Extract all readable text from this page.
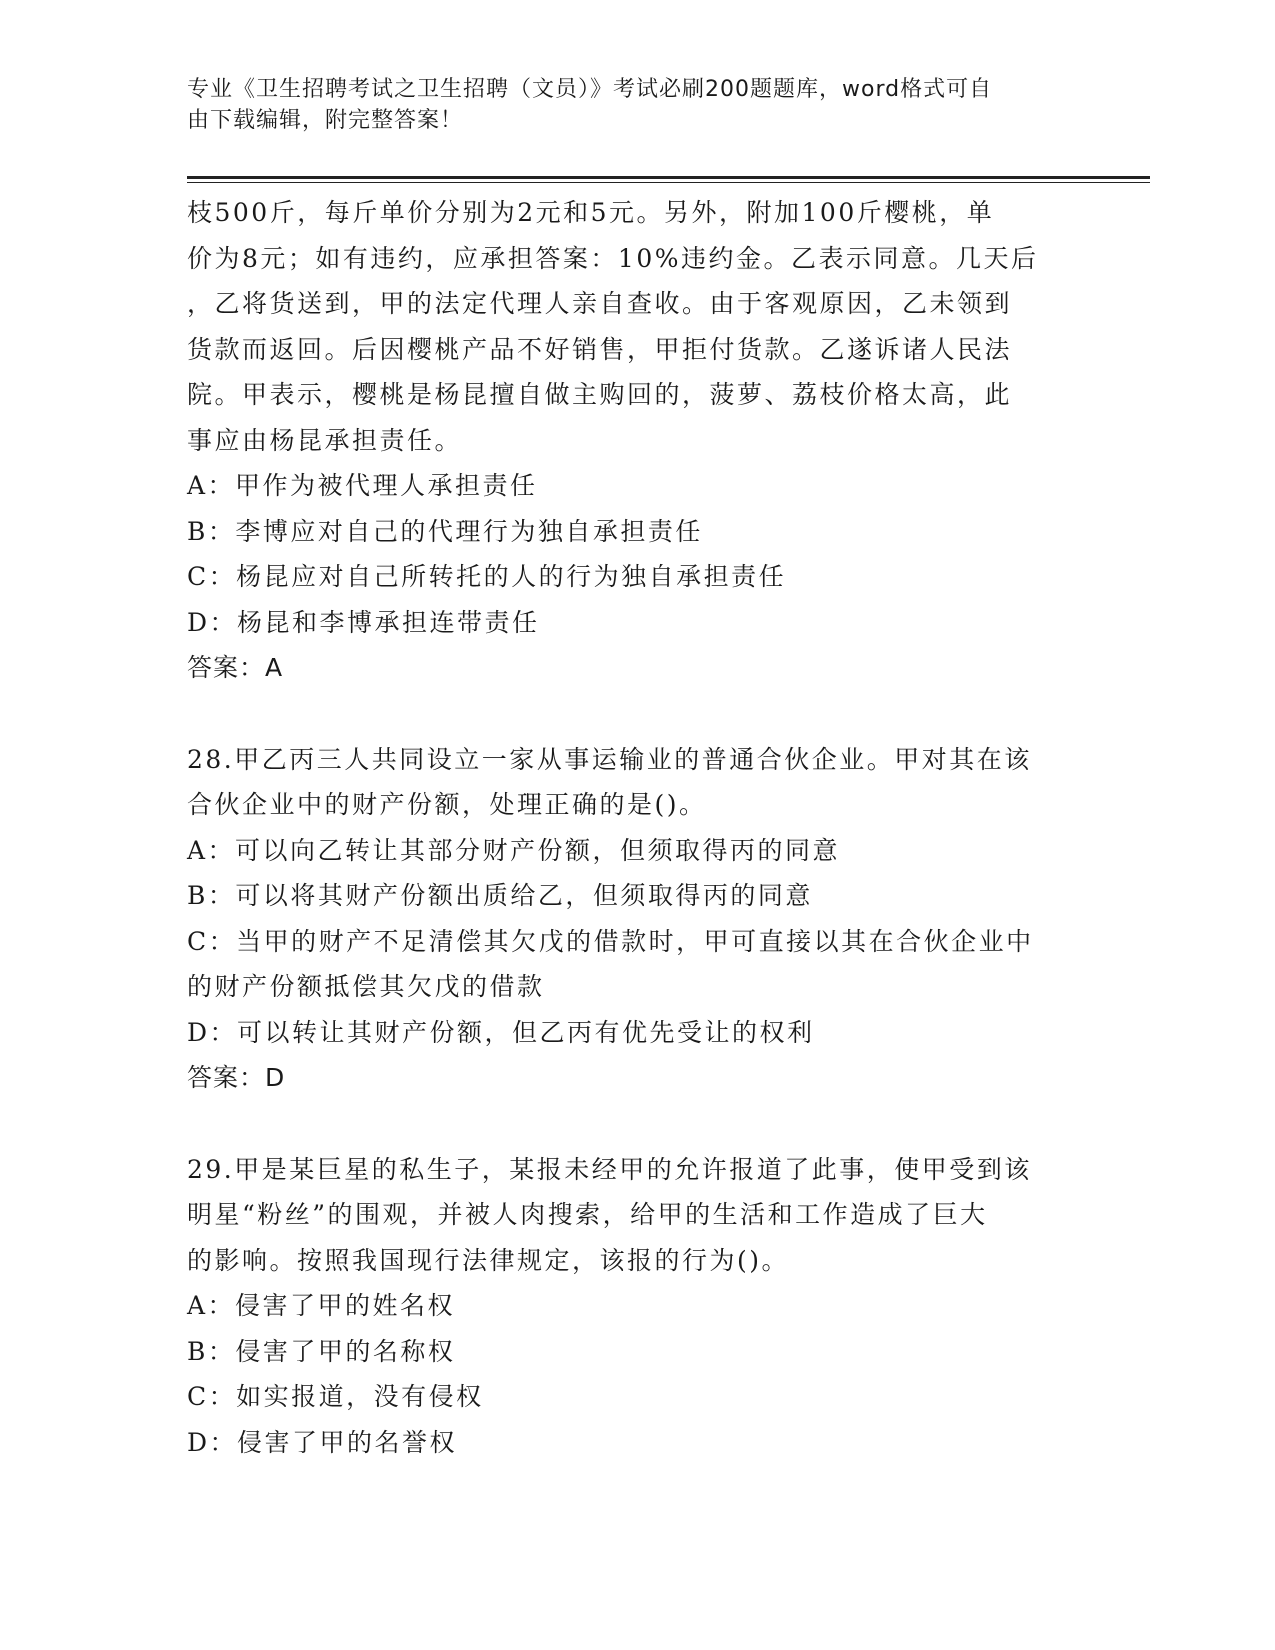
专业《卫生招聘考试之卫生招聘（文员）》考试必刷200题题库，word格式可自
由下载编辑，附完整答案！

枝500斤，每斤单价分别为2元和5元。另外，附加100斤樱桃，单

价为8元；如有违约，应承担答案：10%违约金。乙表示同意。几天后

，乙将货送到，甲的法定代理人亲自查收。由于客观原因，乙未领到

货款而返回。后因樱桃产品不好销售，甲拒付货款。乙遂诉诸人民法

院。甲表示，樱桃是杨昆擅自做主购回的，菠萝、荔枝价格太高，此

事应由杨昆承担责任。

A：甲作为被代理人承担责任

B：李博应对自己的代理行为独自承担责任

C：杨昆应对自己所转托的人的行为独自承担责任

D：杨昆和李博承担连带责任

答案：A

28.甲乙丙三人共同设立一家从事运输业的普通合伙企业。甲对其在该

合伙企业中的财产份额，处理正确的是()。

A：可以向乙转让其部分财产份额，但须取得丙的同意

B：可以将其财产份额出质给乙，但须取得丙的同意

C：当甲的财产不足清偿其欠戊的借款时，甲可直接以其在合伙企业中

的财产份额抵偿其欠戊的借款

D：可以转让其财产份额，但乙丙有优先受让的权利

答案：D

29.甲是某巨星的私生子，某报未经甲的允许报道了此事，使甲受到该

明星“粉丝”的围观，并被人肉搜索，给甲的生活和工作造成了巨大

的影响。按照我国现行法律规定，该报的行为()。

A：侵害了甲的姓名权

B：侵害了甲的名称权

C：如实报道，没有侵权

D：侵害了甲的名誉权
